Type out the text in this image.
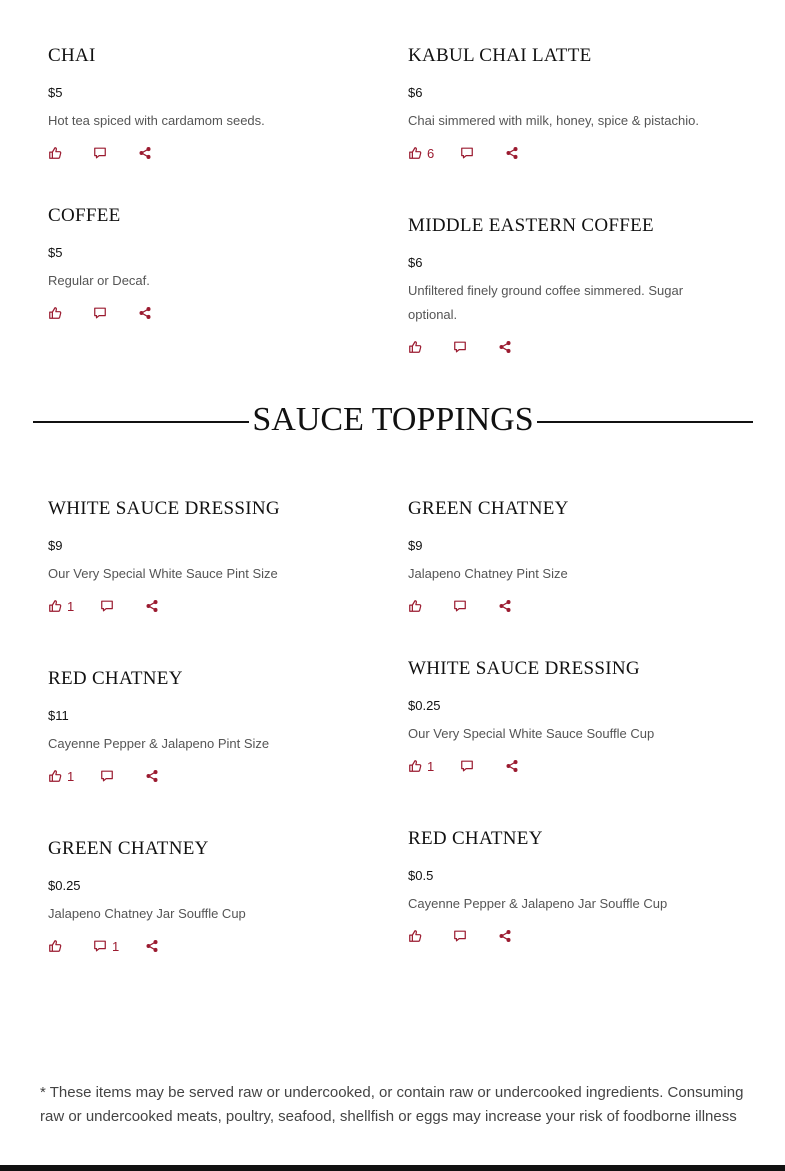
CHAI
$5
Hot tea spiced with cardamom seeds.
KABUL CHAI LATTE
$6
Chai simmered with milk, honey, spice & pistachio.
6
COFFEE
$5
Regular or Decaf.
MIDDLE EASTERN COFFEE
$6
Unfiltered finely ground coffee simmered. Sugar optional.
SAUCE TOPPINGS
WHITE SAUCE DRESSING
$9
Our Very Special White Sauce Pint Size
1
GREEN CHATNEY
$9
Jalapeno Chatney Pint Size
RED CHATNEY
$11
Cayenne Pepper & Jalapeno Pint Size
1
WHITE SAUCE DRESSING
$0.25
Our Very Special White Sauce Souffle Cup
1
GREEN CHATNEY
$0.25
Jalapeno Chatney Jar Souffle Cup
1
RED CHATNEY
$0.5
Cayenne Pepper & Jalapeno Jar Souffle Cup
* These items may be served raw or undercooked, or contain raw or undercooked ingredients. Consuming raw or undercooked meats, poultry, seafood, shellfish or eggs may increase your risk of foodborne illness
